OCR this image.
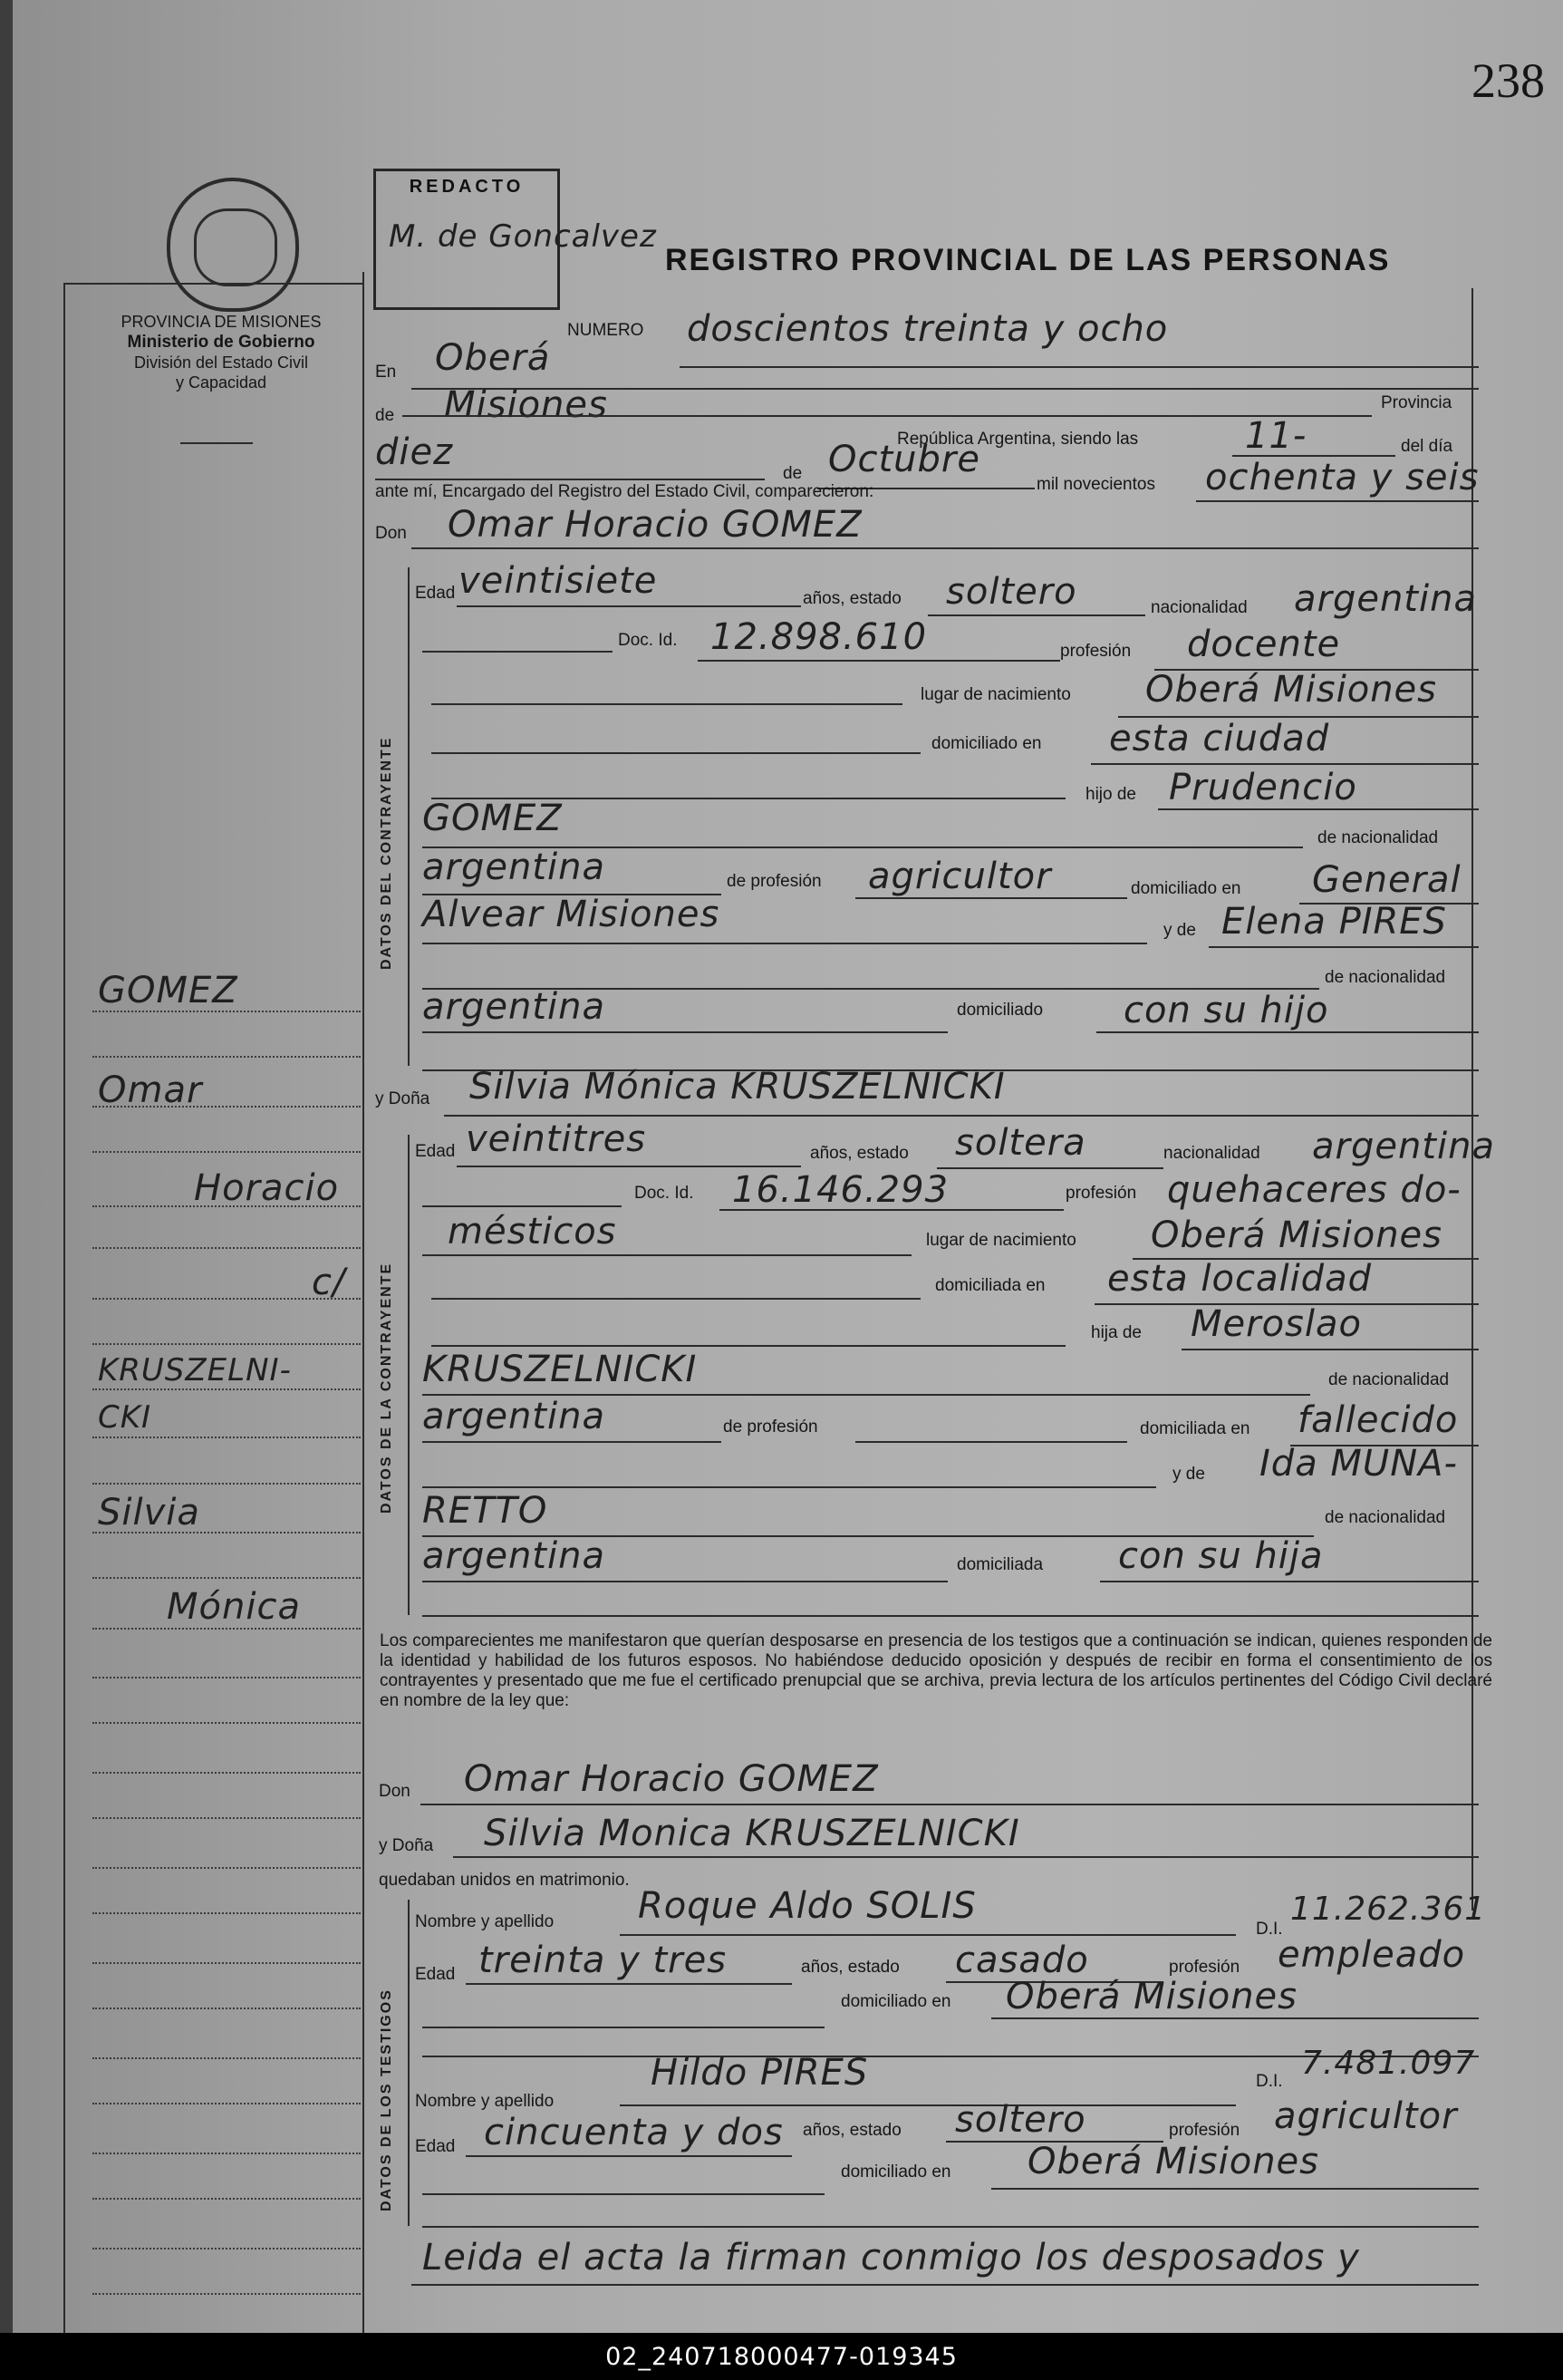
238
PROVINCIA DE MISIONES
Ministerio de Gobierno
División del Estado Civil
y Capacidad
REDACTO
M. de Goncalvez
REGISTRO PROVINCIAL DE LAS PERSONAS
GOMEZ
Omar
Horacio
c/
KRUSZELNI-
CKI
Silvia
Mónica
NUMERO doscientos treinta y ocho
En Oberá
de Misiones	Provincia
República Argentina, siendo las	11-	del día
diez
de Octubre
mil novecientos ochenta y seis
ante mí, Encargado del Registro del Estado Civil, comparecieron:
Don Omar Horacio GOMEZ
DATOS DEL CONTRAYENTE
Edad veintisiete	años, estado soltero	nacionalidad argentina
Doc. Id. 12.898.610	profesión docente
lugar de nacimiento Oberá Misiones
domiciliado en esta ciudad
hijo de Prudencio
GOMEZ	de nacionalidad
argentina	de profesión agricultor	domiciliado en General
Alvear Misiones	y de Elena PIRES
de nacionalidad
argentina	domiciliado con su hijo
y Doña Silvia Mónica KRUSZELNICKI
DATOS DE LA CONTRAYENTE
Edad veintitres	años, estado soltera	nacionalidad argentina
Doc. Id. 16.146.293	profesión quehaceres do-
mésticos	lugar de nacimiento Oberá Misiones
domiciliada en esta localidad
hija de Meroslao
KRUSZELNICKI	de nacionalidad
argentina	de profesión	domiciliada en fallecido
y de Ida MUNA-
RETTO	de nacionalidad
argentina	domiciliada con su hija
Los comparecientes me manifestaron que querían desposarse en presencia de los testigos que a continuación se indican, quienes responden de la identidad y habilidad de los futuros esposos. No habiéndose deducido oposición y después de recibir en forma el consentimiento de los contrayentes y presentado que me fue el certificado prenupcial que se archiva, previa lectura de los artículos pertinentes del Código Civil declaré en nombre de la ley que:
Don Omar Horacio GOMEZ
y Doña Silvia Monica KRUSZELNICKI
quedaban unidos en matrimonio.
DATOS DE LOS TESTIGOS
Nombre y apellido Roque Aldo SOLIS
D.I.
11.262.361
Edad treinta y tres	años, estado casado	profesión empleado
domiciliado en Oberá Misiones
Nombre y apellido
Hildo PIRES	D.I. 7.481.097
Edad cincuenta y dos años, estado soltero	profesión agricultor
domiciliado en Oberá Misiones
Leida el acta la firman conmigo los desposados y
02_240718000477-019345
